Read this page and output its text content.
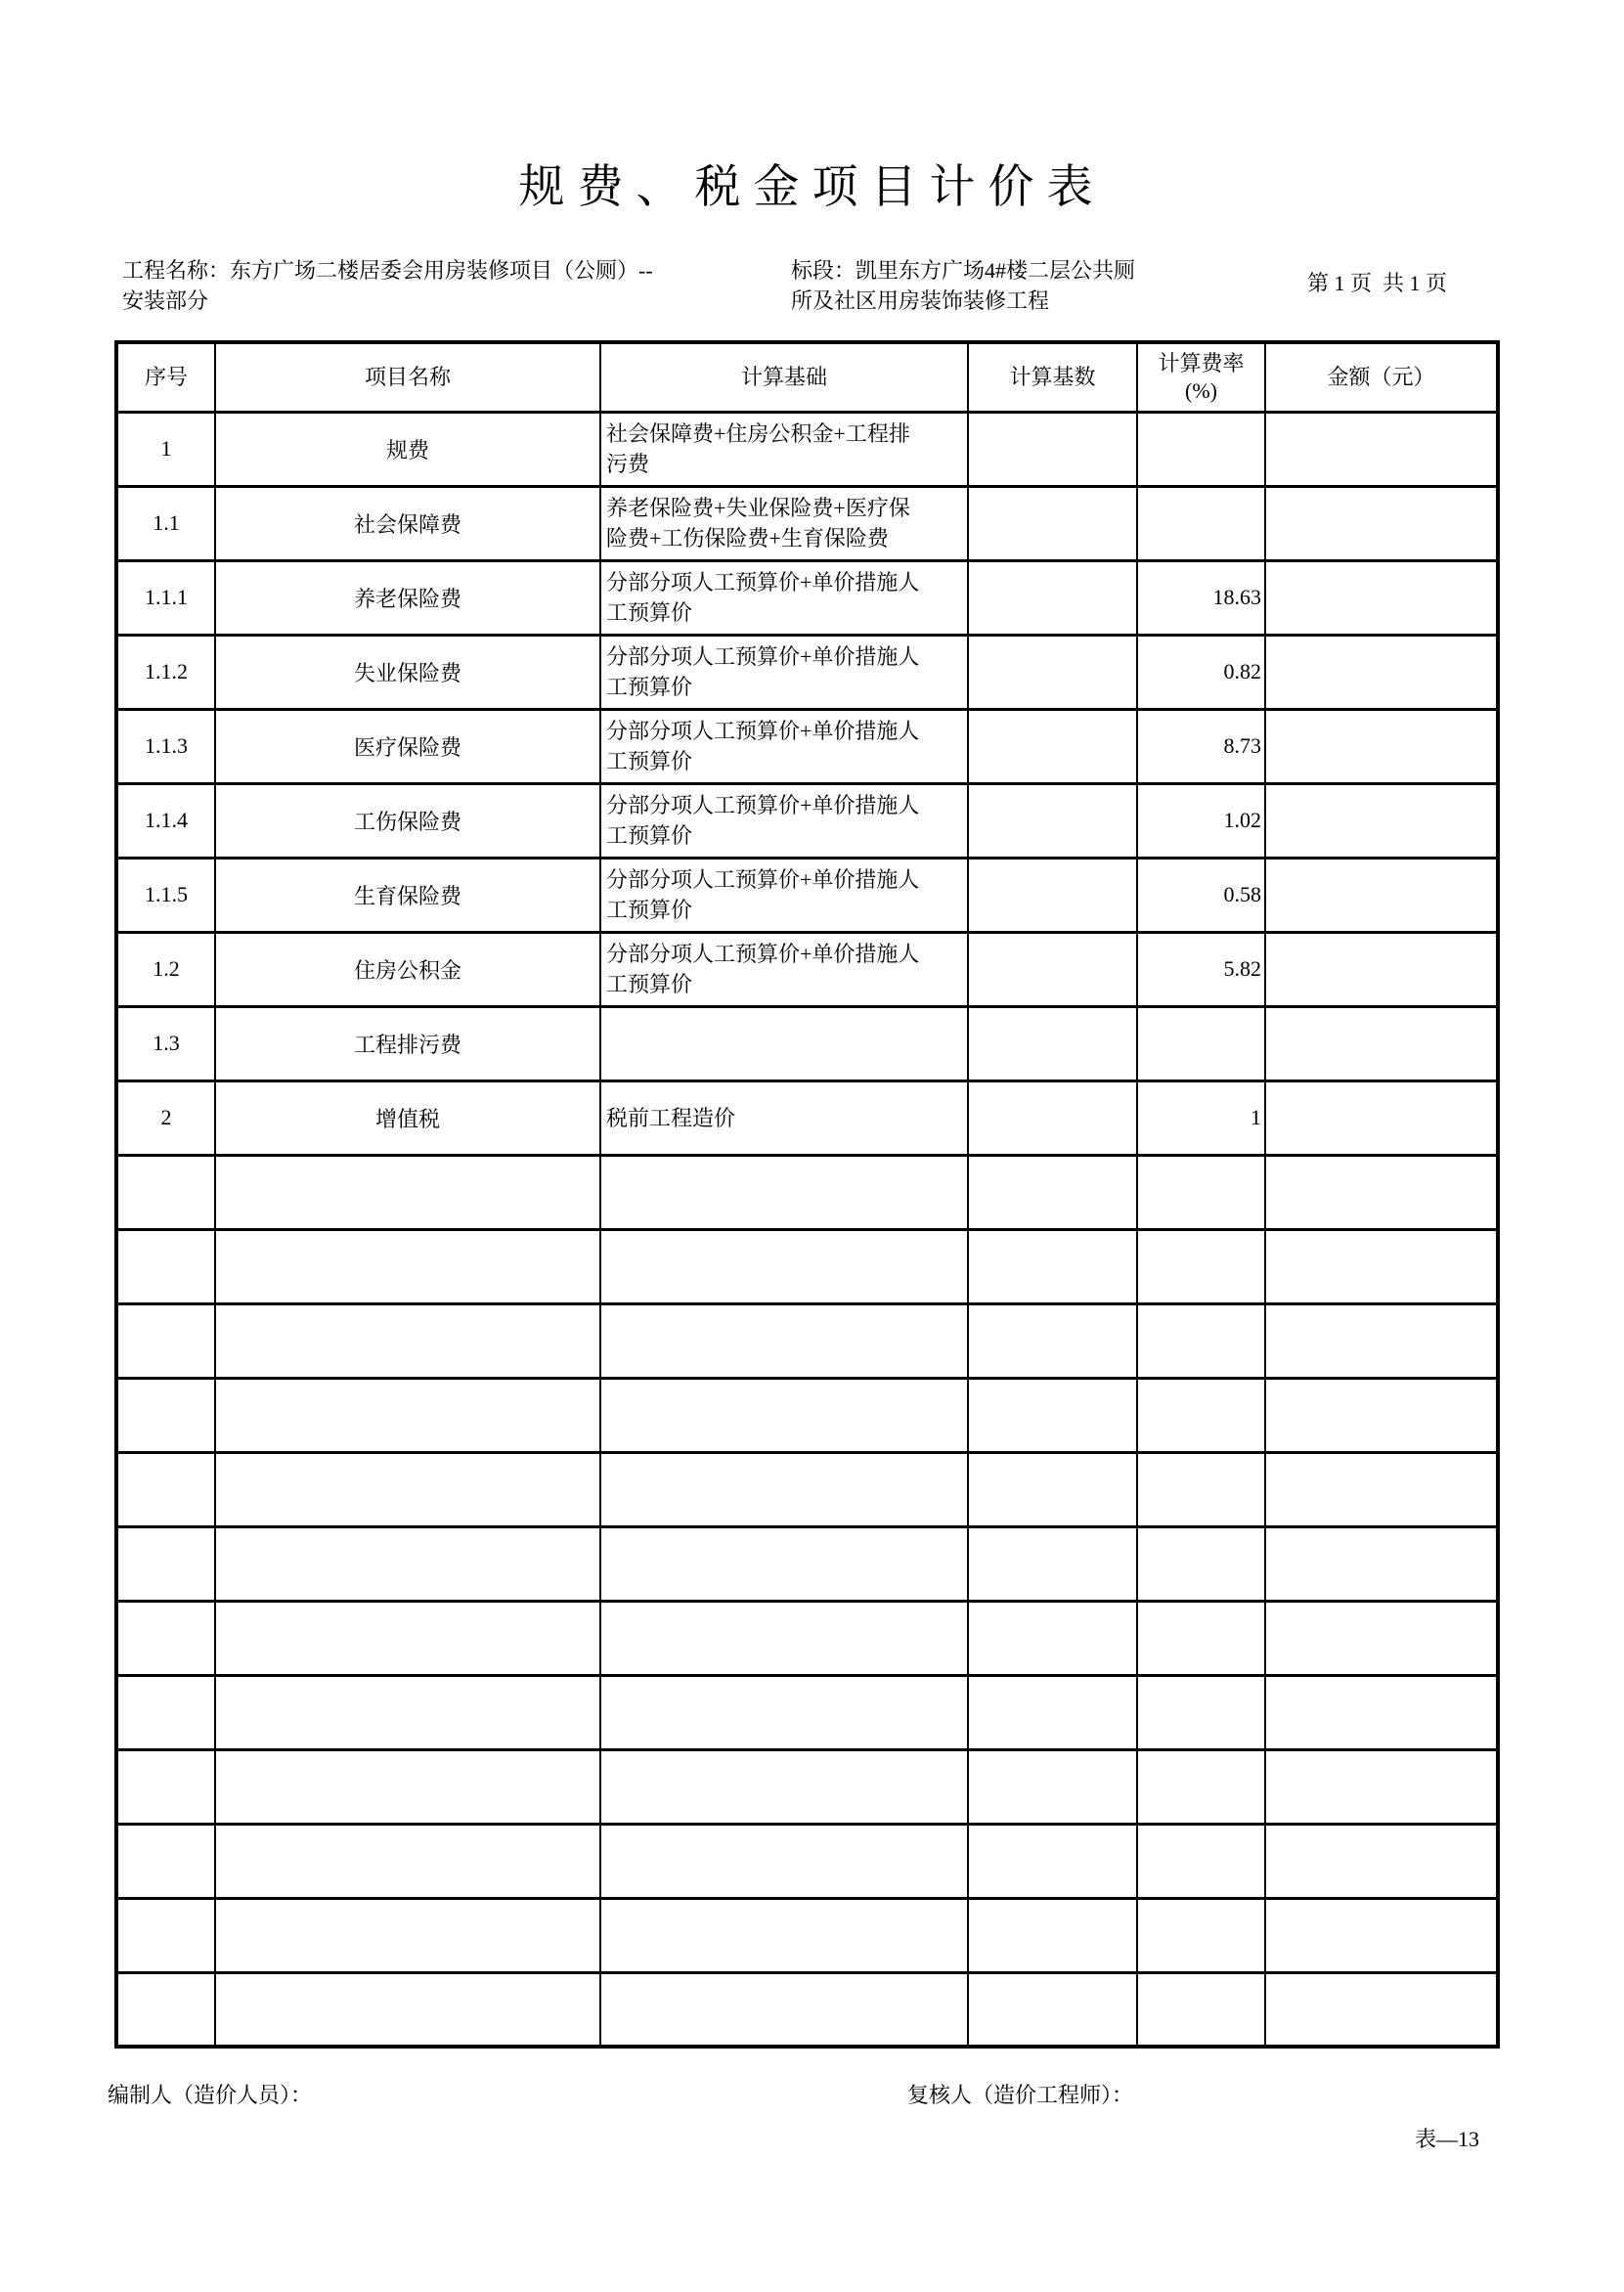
规费、税金项目计价表
工程名称：东方广场二楼居委会用房装修项目（公厕）--安装部分
标段：凯里东方广场4#楼二层公共厕所及社区用房装饰装修工程
第 1 页  共 1 页
序号	项目名称	计算基础	计算基数	计算费率(%)	金额（元）
1	规费	社会保障费+住房公积金+工程排污费			

1.1	社会保障费	养老保险费+失业保险费+医疗保险费+工伤保险费+生育保险费			

1.1.1	养老保险费	分部分项人工预算价+单价措施人工预算价		18.63	
1.1.2	失业保险费	分部分项人工预算价+单价措施人工预算价		0.82	
1.1.3	医疗保险费	分部分项人工预算价+单价措施人工预算价		8.73	
1.1.4	工伤保险费	分部分项人工预算价+单价措施人工预算价		1.02	
1.1.5	生育保险费	分部分项人工预算价+单价措施人工预算价		0.58	
1.2	住房公积金	分部分项人工预算价+单价措施人工预算价		5.82	
1.3	工程排污费	

2	增值税	税前工程造价		1	

编制人（造价人员）：	复核人（造价工程师）：
表—13
